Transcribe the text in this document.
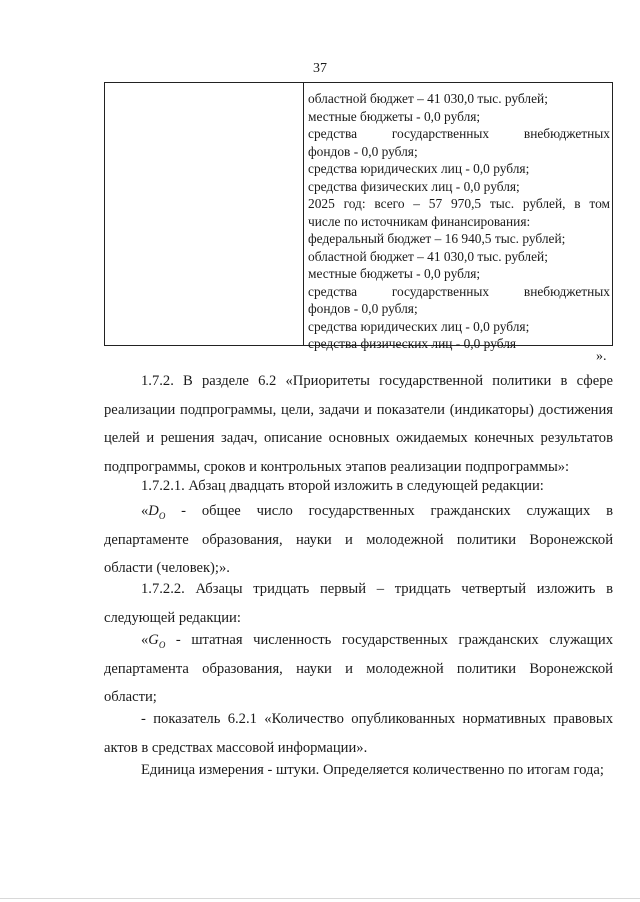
37
областной бюджет – 41 030,0 тыс. рублей;
местные бюджеты - 0,0 рубля;
средства государственных внебюджетных
фондов - 0,0 рубля;
средства юридических лиц - 0,0 рубля;
средства физических лиц - 0,0 рубля;
2025 год: всего – 57 970,5 тыс. рублей, в том
числе по источникам финансирования:
федеральный бюджет – 16 940,5 тыс. рублей;
областной бюджет – 41 030,0 тыс. рублей;
местные бюджеты - 0,0 рубля;
средства государственных внебюджетных
фондов - 0,0 рубля;
средства юридических лиц - 0,0 рубля;
средства физических лиц - 0,0 рубля
».
1.7.2. В разделе 6.2 «Приоритеты государственной политики в сфере
реализации подпрограммы, цели, задачи и показатели (индикаторы) достижения
целей и решения задач, описание основных ожидаемых конечных результатов
подпрограммы, сроков и контрольных этапов реализации подпрограммы»:
1.7.2.1. Абзац двадцать второй изложить в следующей редакции:
«$D_O$ - общее число государственных гражданских служащих в
департаменте образования, науки и молодежной политики Воронежской
области (человек);».
1.7.2.2. Абзацы тридцать первый – тридцать четвертый изложить в
следующей редакции:
«$G_O$ - штатная численность государственных гражданских служащих
департамента образования, науки и молодежной политики Воронежской
области;
- показатель 6.2.1 «Количество опубликованных нормативных правовых
актов в средствах массовой информации».
Единица измерения - штуки. Определяется количественно по итогам года;
